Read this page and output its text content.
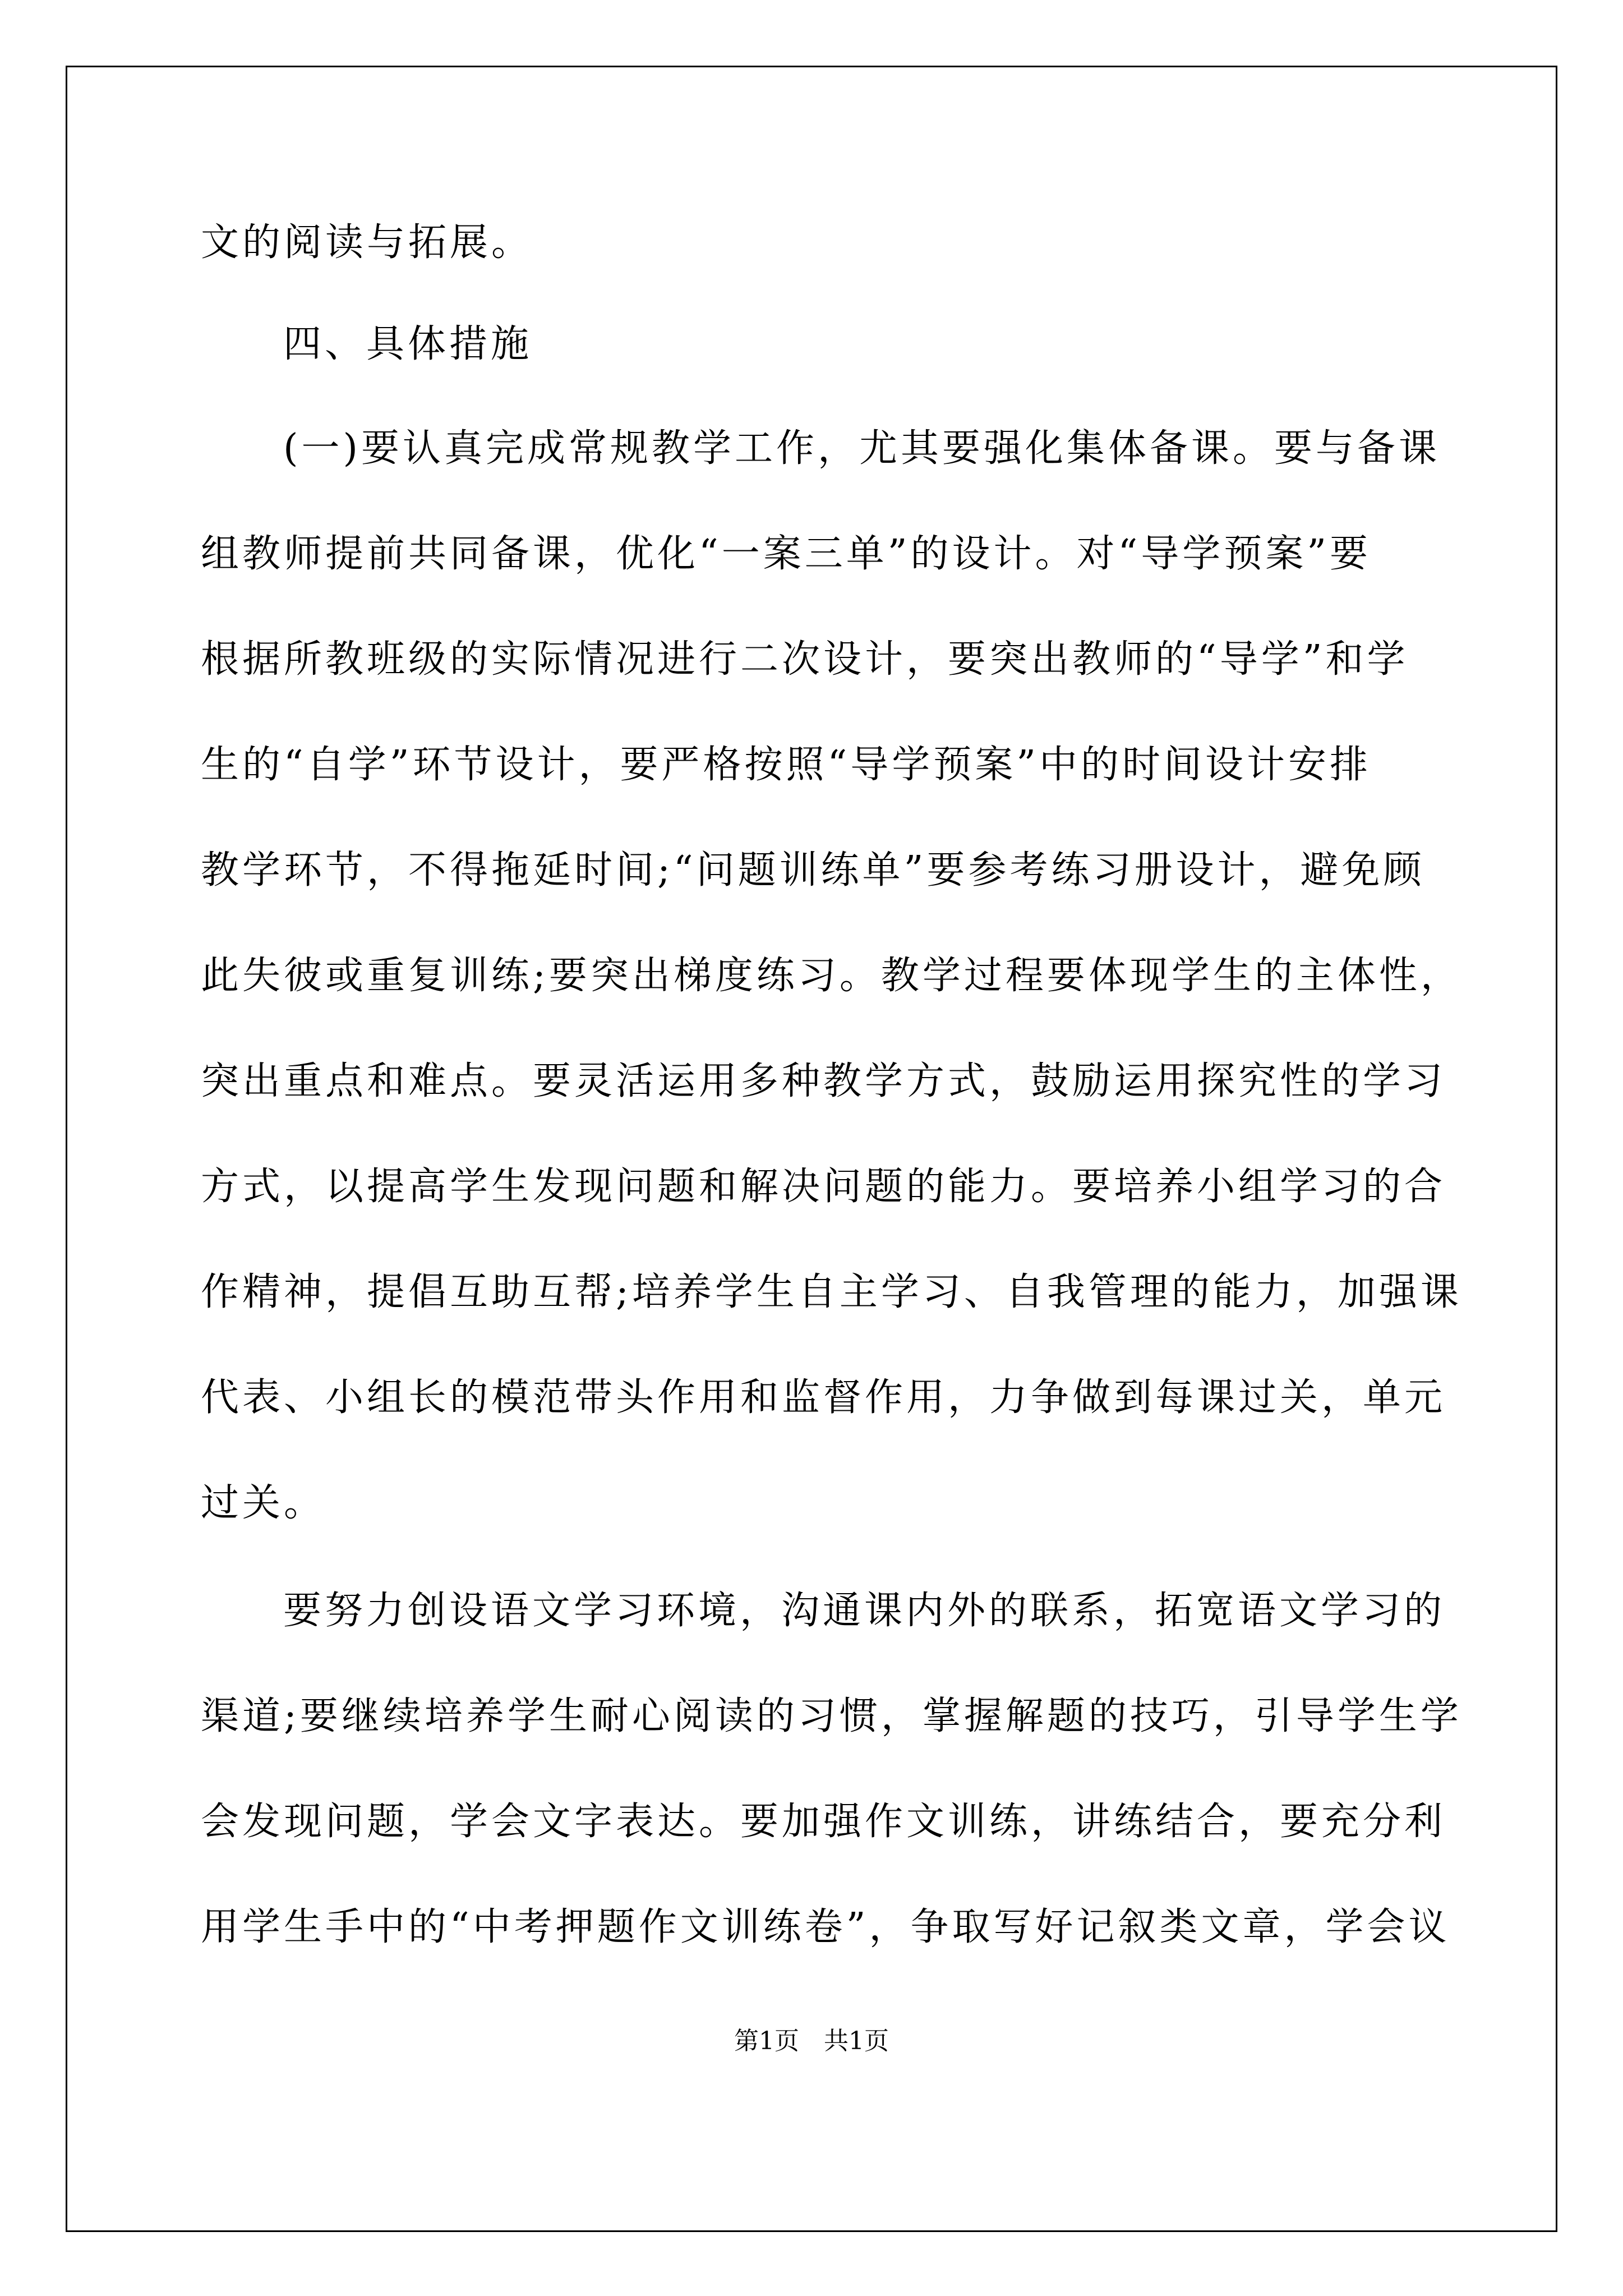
文的阅读与拓展。
四、具体措施
(一)要认真完成常规教学工作，尤其要强化集体备课。要与备课
组教师提前共同备课，优化“一案三单”的设计。对“导学预案”要
根据所教班级的实际情况进行二次设计，要突出教师的“导学”和学
生的“自学”环节设计，要严格按照“导学预案”中的时间设计安排
教学环节，不得拖延时间;“问题训练单”要参考练习册设计，避免顾
此失彼或重复训练;要突出梯度练习。教学过程要体现学生的主体性，
突出重点和难点。要灵活运用多种教学方式，鼓励运用探究性的学习
方式，以提高学生发现问题和解决问题的能力。要培养小组学习的合
作精神，提倡互助互帮;培养学生自主学习、自我管理的能力，加强课
代表、小组长的模范带头作用和监督作用，力争做到每课过关，单元
过关。
要努力创设语文学习环境，沟通课内外的联系，拓宽语文学习的
渠道;要继续培养学生耐心阅读的习惯，掌握解题的技巧，引导学生学
会发现问题，学会文字表达。要加强作文训练，讲练结合，要充分利
用学生手中的“中考押题作文训练卷”，争取写好记叙类文章，学会议
第1页　共1页
